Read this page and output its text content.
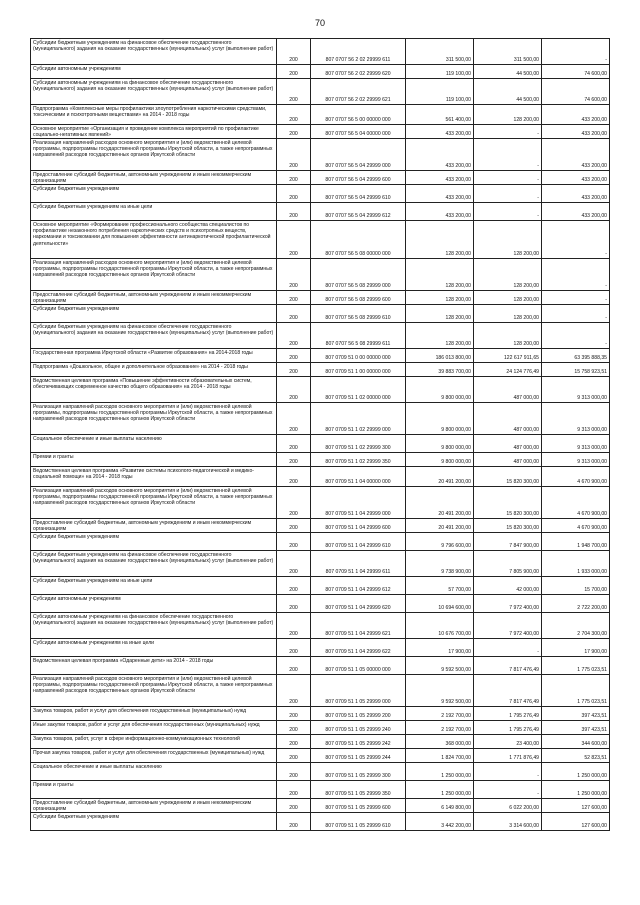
70
Субсидии бюджетным учреждениям на финансовое обеспечение государственного (муниципального) задания на оказание государственных (муниципальных) услуг (выполнение работ)
200	807 0707 56 2 02 29999 611	311 500,00	311 500,00	-
Субсидии автономным учреждениям
200	807 0707 56 2 02 29999 620	119 100,00	44 500,00	74 600,00
Субсидии автономным учреждениям на финансовое обеспечение государственного (муниципального) задания на оказание государственных (муниципальных) услуг (выполнение работ)
200	807 0707 56 2 02 29999 621	119 100,00	44 500,00	74 600,00
Подпрограмма «Комплексные меры профилактики злоупотребления наркотическими средствами, токсическими и психотропными веществами» на 2014 - 2018 годы
200	807 0707 56 5 00 00000 000	561 400,00	128 200,00	433 200,00
Основное мероприятие «Организация и проведение комплекса мероприятий по профилактике социально-негативных явлений»	200	807 0707 56 5 04 00000 000	433 200,00	-	433 200,00
Реализация направлений расходов основного мероприятия и (или) ведомственной целевой программы, подпрограммы государственной программы Иркутской области, а также непрограммных направлений расходов государственных органов Иркутской области
200	807 0707 56 5 04 29999 000	433 200,00	-	433 200,00
Предоставление субсидий бюджетным, автономным учреждениям и иным некоммерческим организациям	200	807 0707 56 5 04 29999 600	433 200,00	-	433 200,00
Субсидии бюджетным учреждениям
200	807 0707 56 5 04 29999 610	433 200,00	-	433 200,00
Субсидии бюджетным учреждениям на иные цели
200	807 0707 56 5 04 29999 612	433 200,00	-	433 200,00
Основное мероприятие «Формирование профессионального сообщества специалистов по профилактике незаконного потребления наркотических средств и психотропных веществ, наркомании и токсикомании для повышения эффективности антинаркотической профилактической деятельности»
200	807 0707 56 5 08 00000 000	128 200,00	128 200,00	-
Реализация направлений расходов основного мероприятия и (или) ведомственной целевой программы, подпрограммы государственной программы Иркутской области, а также непрограммных направлений расходов государственных органов Иркутской области
200	807 0707 56 5 08 29999 000	128 200,00	128 200,00	-
Предоставление субсидий бюджетным, автономным учреждениям и иным некоммерческим организациям	200	807 0707 56 5 08 29999 600	128 200,00	128 200,00	-
Субсидии бюджетным учреждениям
200	807 0707 56 5 08 29999 610	128 200,00	128 200,00	-
Субсидии бюджетным учреждениям на финансовое обеспечение государственного (муниципального) задания на оказание государственных (муниципальных) услуг (выполнение работ)
200	807 0707 56 5 08 29999 611	128 200,00	128 200,00	-
Государственная программа Иркутской области «Развитие образования» на 2014-2018 годы
200	807 0709 51 0 00 00000 000	186 013 800,00	122 617 911,65	63 395 888,35
Подпрограмма «Дошкольное, общее и дополнительное образование» на 2014 - 2018 годы
200	807 0709 51 1 00 00000 000	39 883 700,00	24 124 776,49	15 758 923,51
Ведомственная целевая программа «Повышение эффективности образовательных систем, обеспечивающих современное качество общего образования» на 2014 - 2018 годы
200	807 0709 51 1 02 00000 000	9 800 000,00	487 000,00	9 313 000,00
Реализация направлений расходов основного мероприятия и (или) ведомственной целевой программы, подпрограммы государственной программы Иркутской области, а также непрограммных направлений расходов государственных органов Иркутской области
200	807 0709 51 1 02 29999 000	9 800 000,00	487 000,00	9 313 000,00
Социальное обеспечение и иные выплаты населению
200	807 0709 51 1 02 29999 300	9 800 000,00	487 000,00	9 313 000,00
Премии и гранты
200	807 0709 51 1 02 29999 350	9 800 000,00	487 000,00	9 313 000,00
Ведомственная целевая программа «Развитие системы психолого-педагогической и медико-социальной помощи» на 2014 - 2018 годы
200	807 0709 51 1 04 00000 000	20 491 200,00	15 820 300,00	4 670 900,00
Реализация направлений расходов основного мероприятия и (или) ведомственной целевой программы, подпрограммы государственной программы Иркутской области, а также непрограммных направлений расходов государственных органов Иркутской области
200	807 0709 51 1 04 29999 000	20 491 200,00	15 820 300,00	4 670 900,00
Предоставление субсидий бюджетным, автономным учреждениям и иным некоммерческим организациям	200	807 0709 51 1 04 29999 600	20 491 200,00	15 820 300,00	4 670 900,00
Субсидии бюджетным учреждениям
200	807 0709 51 1 04 29999 610	9 796 600,00	7 847 900,00	1 948 700,00
Субсидии бюджетным учреждениям на финансовое обеспечение государственного (муниципального) задания на оказание государственных (муниципальных) услуг (выполнение работ)
200	807 0709 51 1 04 29999 611	9 738 900,00	7 805 900,00	1 933 000,00
Субсидии бюджетным учреждениям на иные цели
200	807 0709 51 1 04 29999 612	57 700,00	42 000,00	15 700,00
Субсидии автономным учреждениям
200	807 0709 51 1 04 29999 620	10 694 600,00	7 972 400,00	2 722 200,00
Субсидии автономным учреждениям на финансовое обеспечение государственного (муниципального) задания на оказание государственных (муниципальных) услуг (выполнение работ)
200	807 0709 51 1 04 29999 621	10 676 700,00	7 972 400,00	2 704 300,00
Субсидии автономным учреждениям на иные цели
200	807 0709 51 1 04 29999 622	17 900,00	-	17 900,00
Ведомственная целевая программа «Одаренные дети» на 2014 - 2018 годы
200	807 0709 51 1 05 00000 000	9 592 500,00	7 817 476,49	1 775 023,51
Реализация направлений расходов основного мероприятия и (или) ведомственной целевой программы, подпрограммы государственной программы Иркутской области, а также непрограммных направлений расходов государственных органов Иркутской области
200	807 0709 51 1 05 29999 000	9 592 500,00	7 817 476,49	1 775 023,51
Закупка товаров, работ и услуг для обеспечения государственных (муниципальных) нужд
200	807 0709 51 1 05 29999 200	2 192 700,00	1 795 276,49	397 423,51
Иные закупки товаров, работ и услуг для обеспечения государственных (муниципальных) нужд
200	807 0709 51 1 05 29999 240	2 192 700,00	1 795 276,49	397 423,51
Закупка товаров, работ, услуг в сфере информационно-коммуникационных технологий
200	807 0709 51 1 05 29999 242	368 000,00	23 400,00	344 600,00
Прочая закупка товаров, работ и услуг для обеспечения государственных (муниципальных) нужд
200	807 0709 51 1 05 29999 244	1 824 700,00	1 771 876,49	52 823,51
Социальное обеспечение и иные выплаты населению
200	807 0709 51 1 05 29999 300	1 250 000,00	-	1 250 000,00
Премии и гранты
200	807 0709 51 1 05 29999 350	1 250 000,00	-	1 250 000,00
Предоставление субсидий бюджетным, автономным учреждениям и иным некоммерческим организациям	200	807 0709 51 1 05 29999 600	6 149 800,00	6 022 200,00	127 600,00
Субсидии бюджетным учреждениям
200	807 0709 51 1 05 29999 610	3 442 200,00	3 314 600,00	127 600,00
